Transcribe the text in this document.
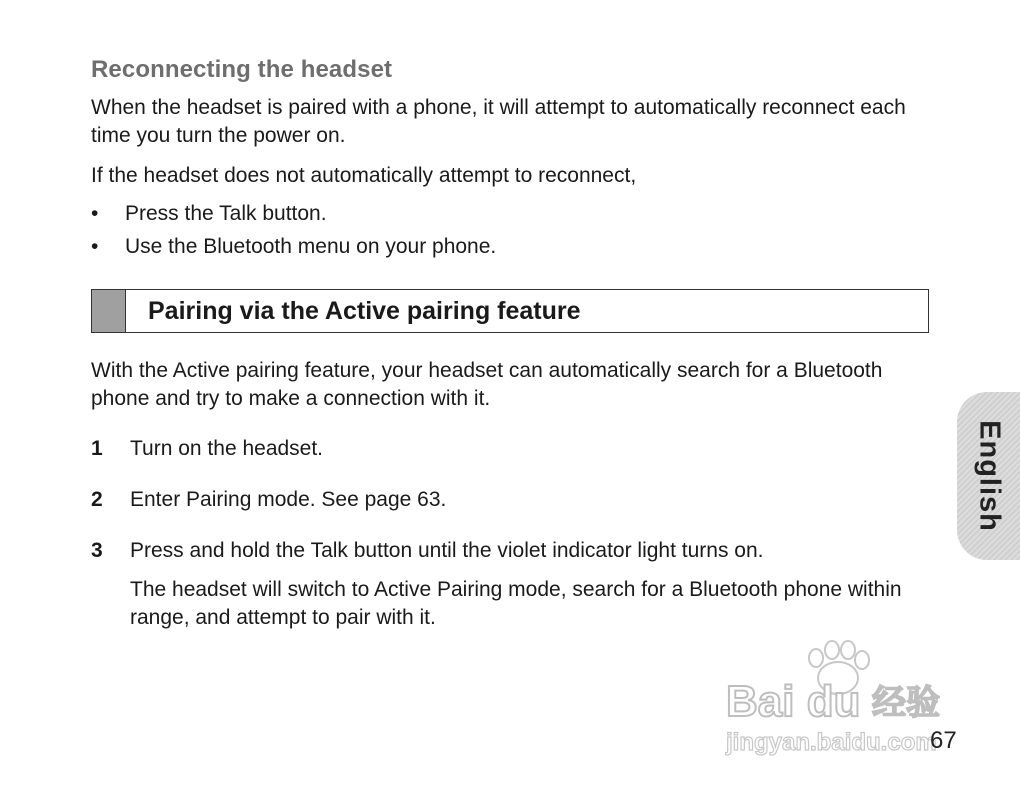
Reconnecting the headset

When the headset is paired with a phone, it will attempt to automatically reconnect each time you turn the power on.

If the headset does not automatically attempt to reconnect,

• Press the Talk button.
• Use the Bluetooth menu on your phone.
Pairing via the Active pairing feature

With the Active pairing feature, your headset can automatically search for a Bluetooth phone and try to make a connection with it.

1 Turn on the headset.
2 Enter Pairing mode. See page 63.
3 Press and hold the Talk button until the violet indicator light turns on.
The headset will switch to Active Pairing mode, search for a Bluetooth phone within range, and attempt to pair with it.
English
Bai du 经验
jingyan.baidu.com
67
